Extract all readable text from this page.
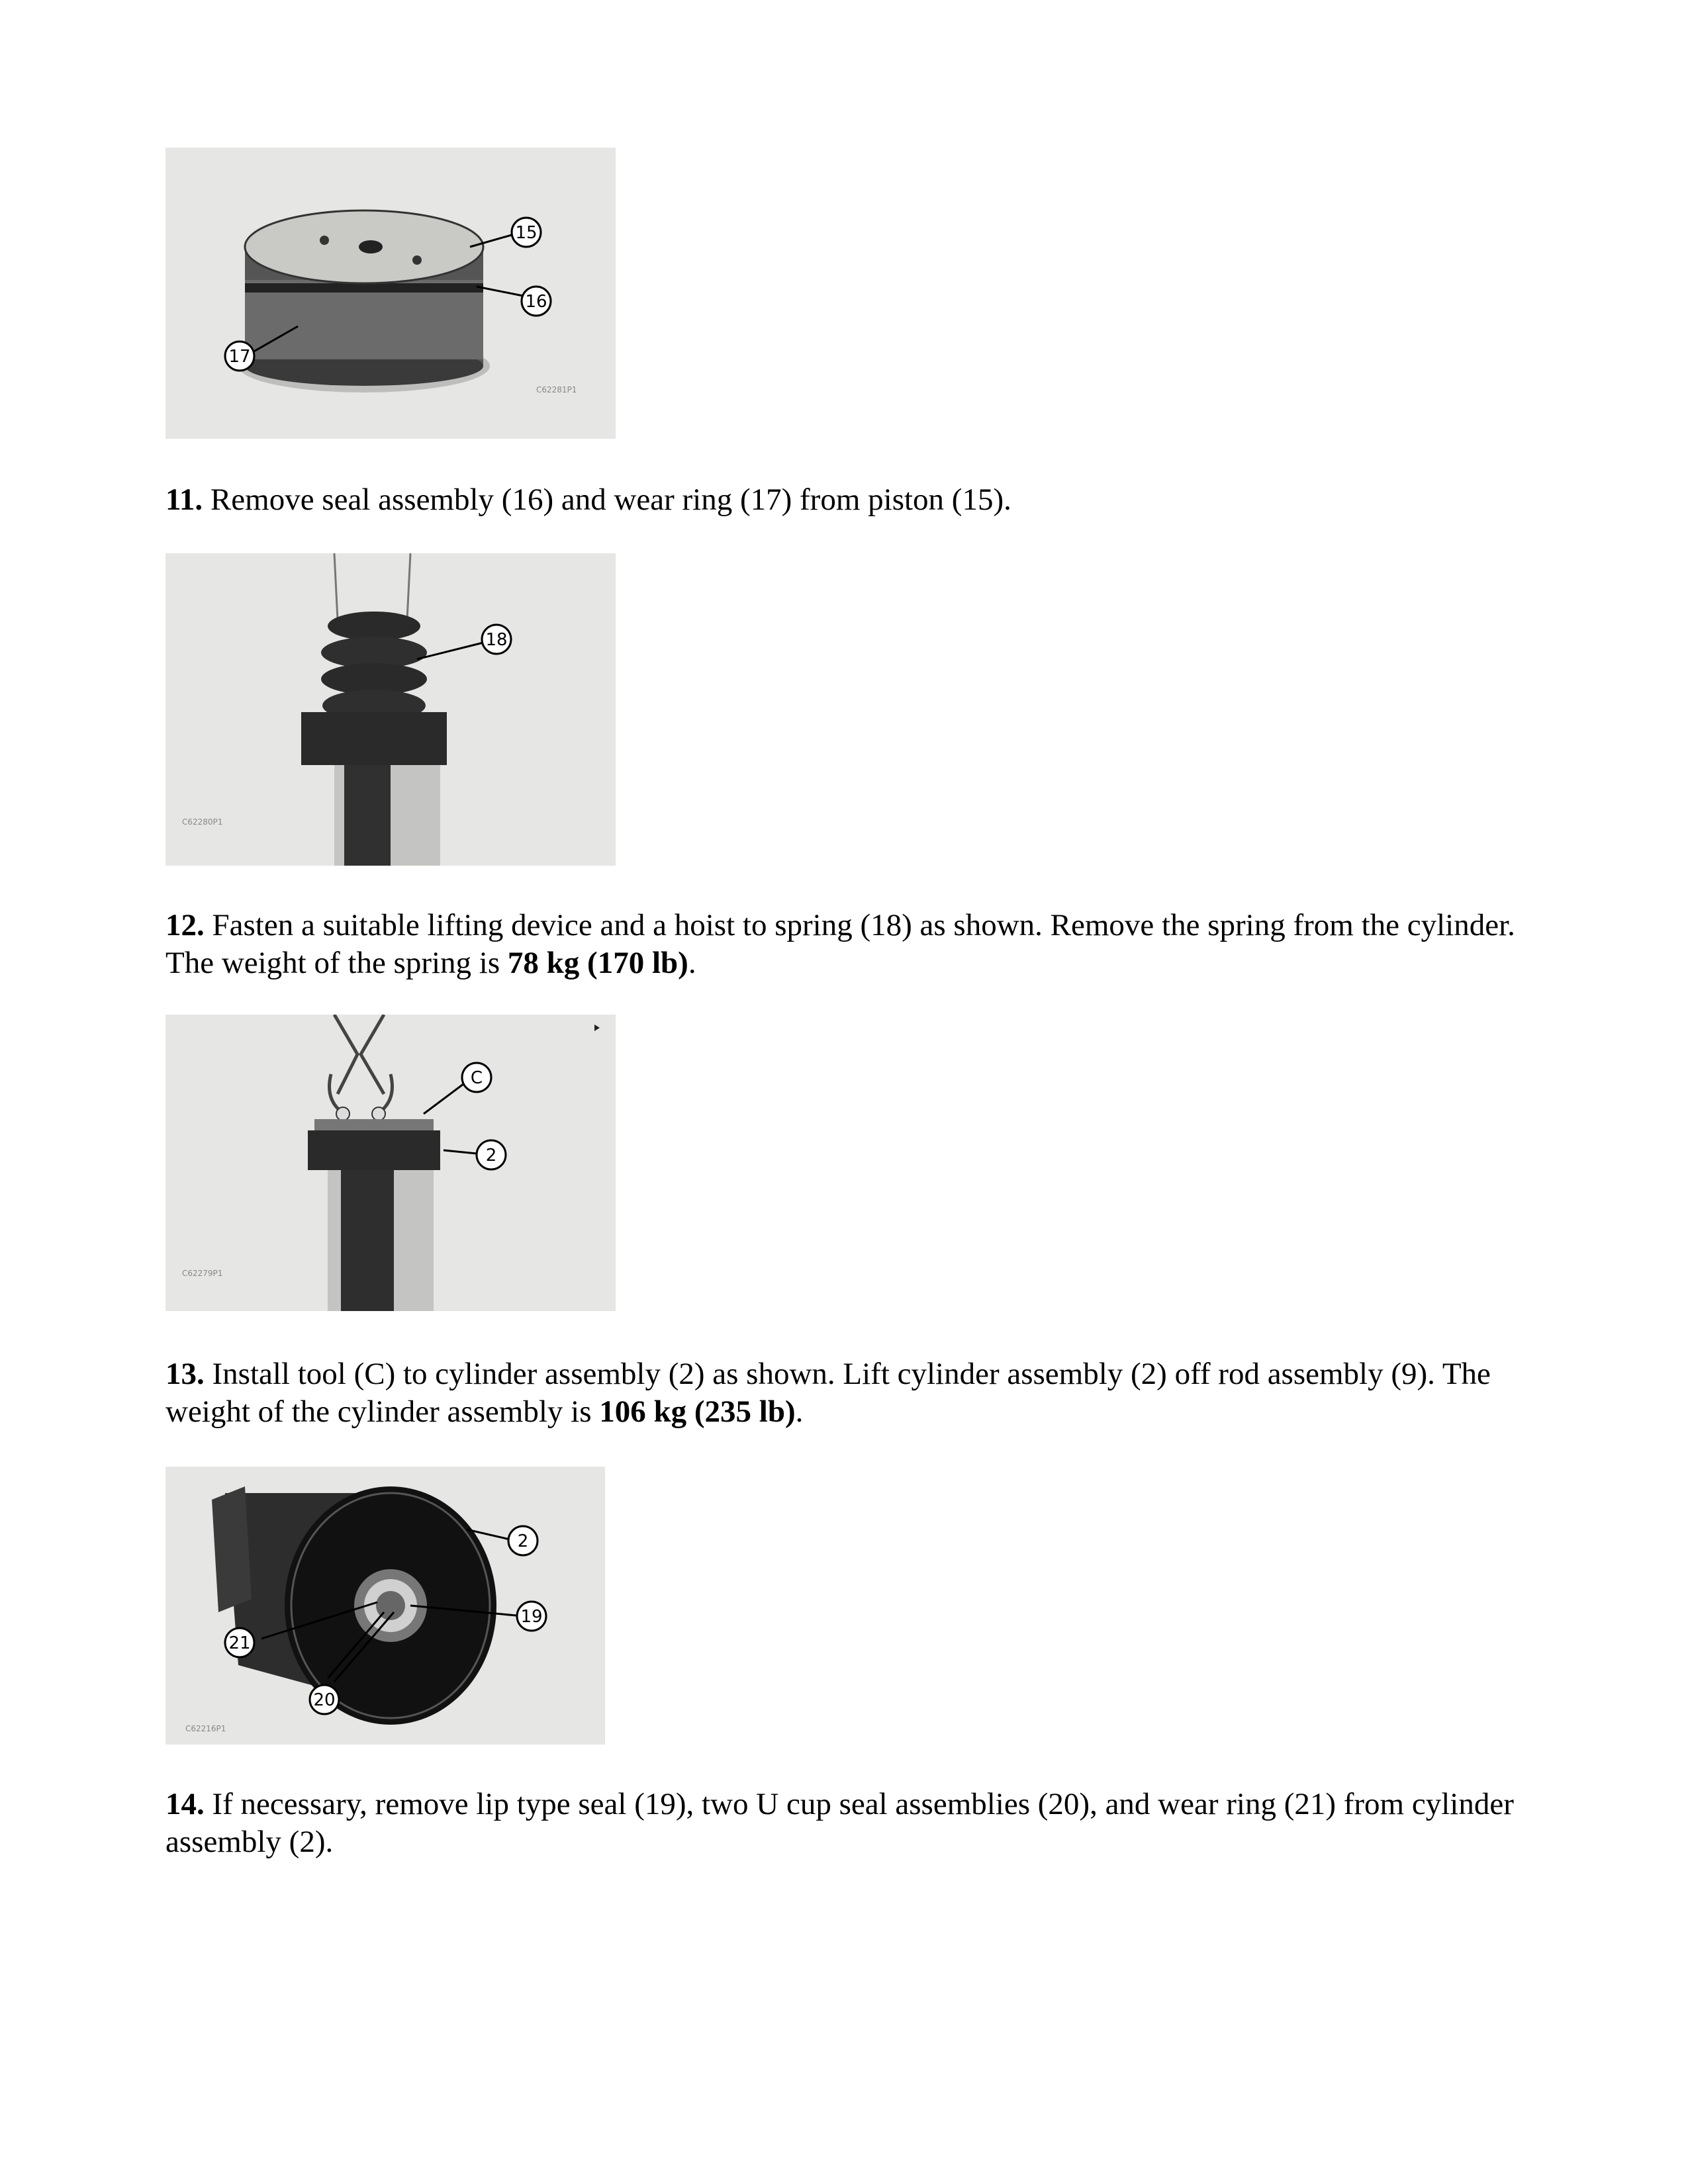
15
16
17
C62281P1

11. Remove seal assembly (16) and wear ring (17) from piston (15).

18
C62280P1

12. Fasten a suitable lifting device and a hoist to spring (18) as shown. Remove the spring from the cylinder. The weight of the spring is 78 kg (170 lb).

C
2
C62279P1

13. Install tool (C) to cylinder assembly (2) as shown. Lift cylinder assembly (2) off rod assembly (9). The weight of the cylinder assembly is 106 kg (235 lb).

2
19
21
20
C62216P1

14. If necessary, remove lip type seal (19), two U cup seal assemblies (20), and wear ring (21) from cylinder assembly (2).
